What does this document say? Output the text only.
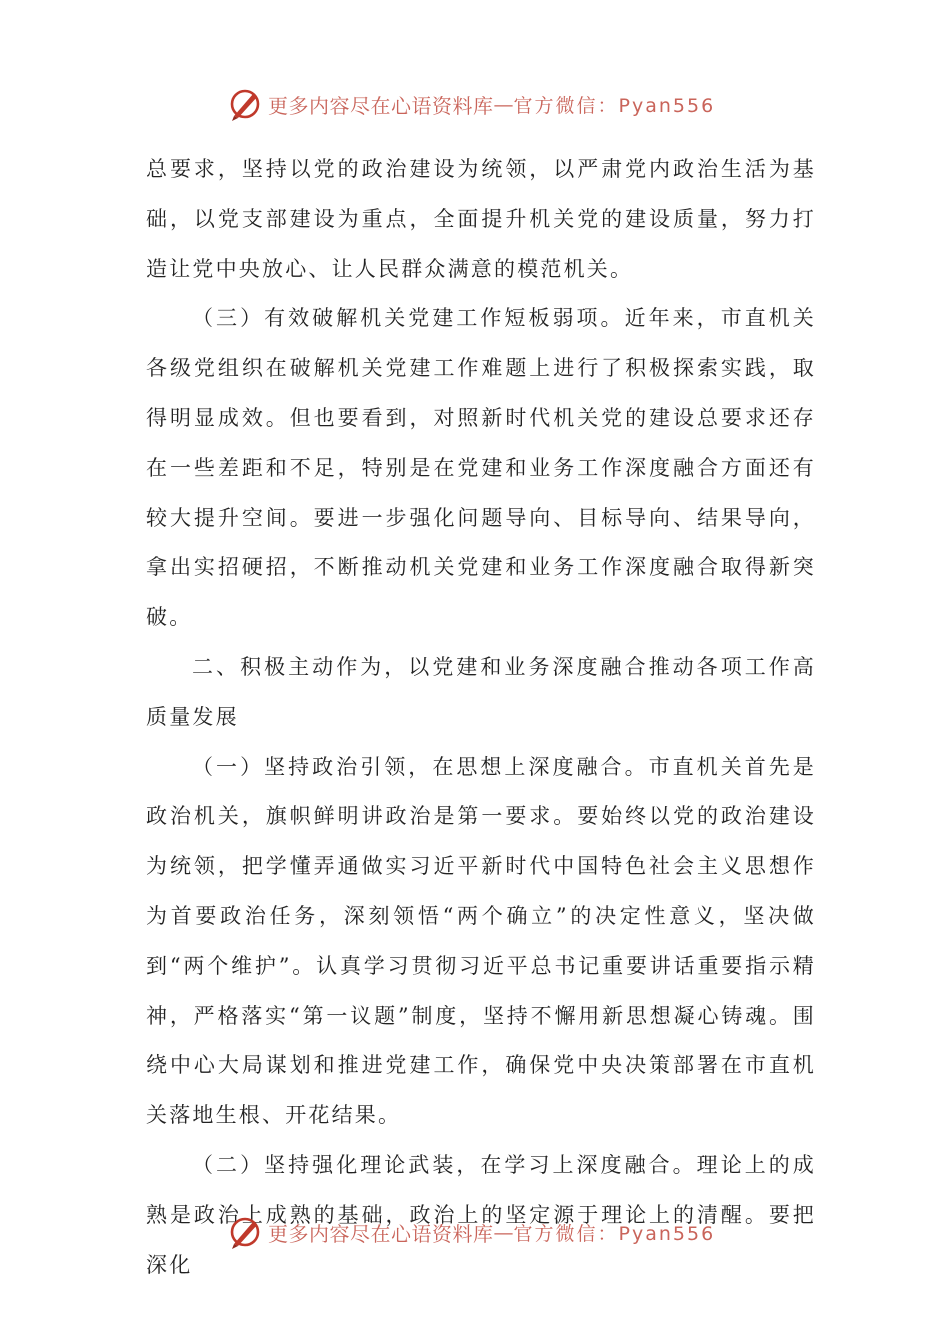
更多内容尽在心语资料库 — 官方微信：Pyan556

总要求，坚持以党的政治建设为统领，以严肃党内政治生活为基础，以党支部建设为重点，全面提升机关党的建设质量，努力打造让党中央放心、让人民群众满意的模范机关。

（三）有效破解机关党建工作短板弱项。近年来，市直机关各级党组织在破解机关党建工作难题上进行了积极探索实践，取得明显成效。但也要看到，对照新时代机关党的建设总要求还存在一些差距和不足，特别是在党建和业务工作深度融合方面还有较大提升空间。要进一步强化问题导向、目标导向、结果导向，拿出实招硬招，不断推动机关党建和业务工作深度融合取得新突破。

二、积极主动作为，以党建和业务深度融合推动各项工作高质量发展

（一）坚持政治引领，在思想上深度融合。市直机关首先是政治机关，旗帜鲜明讲政治是第一要求。要始终以党的政治建设为统领，把学懂弄通做实习近平新时代中国特色社会主义思想作为首要政治任务，深刻领悟“两个确立”的决定性意义，坚决做到“两个维护”。认真学习贯彻习近平总书记重要讲话重要指示精神，严格落实“第一议题”制度，坚持不懈用新思想凝心铸魂。围绕中心大局谋划和推进党建工作，确保党中央决策部署在市直机关落地生根、开花结果。

（二）坚持强化理论武装，在学习上深度融合。理论上的成熟是政治上成熟的基础，政治上的坚定源于理论上的清醒。要把深化

更多内容尽在心语资料库 — 官方微信：Pyan556
